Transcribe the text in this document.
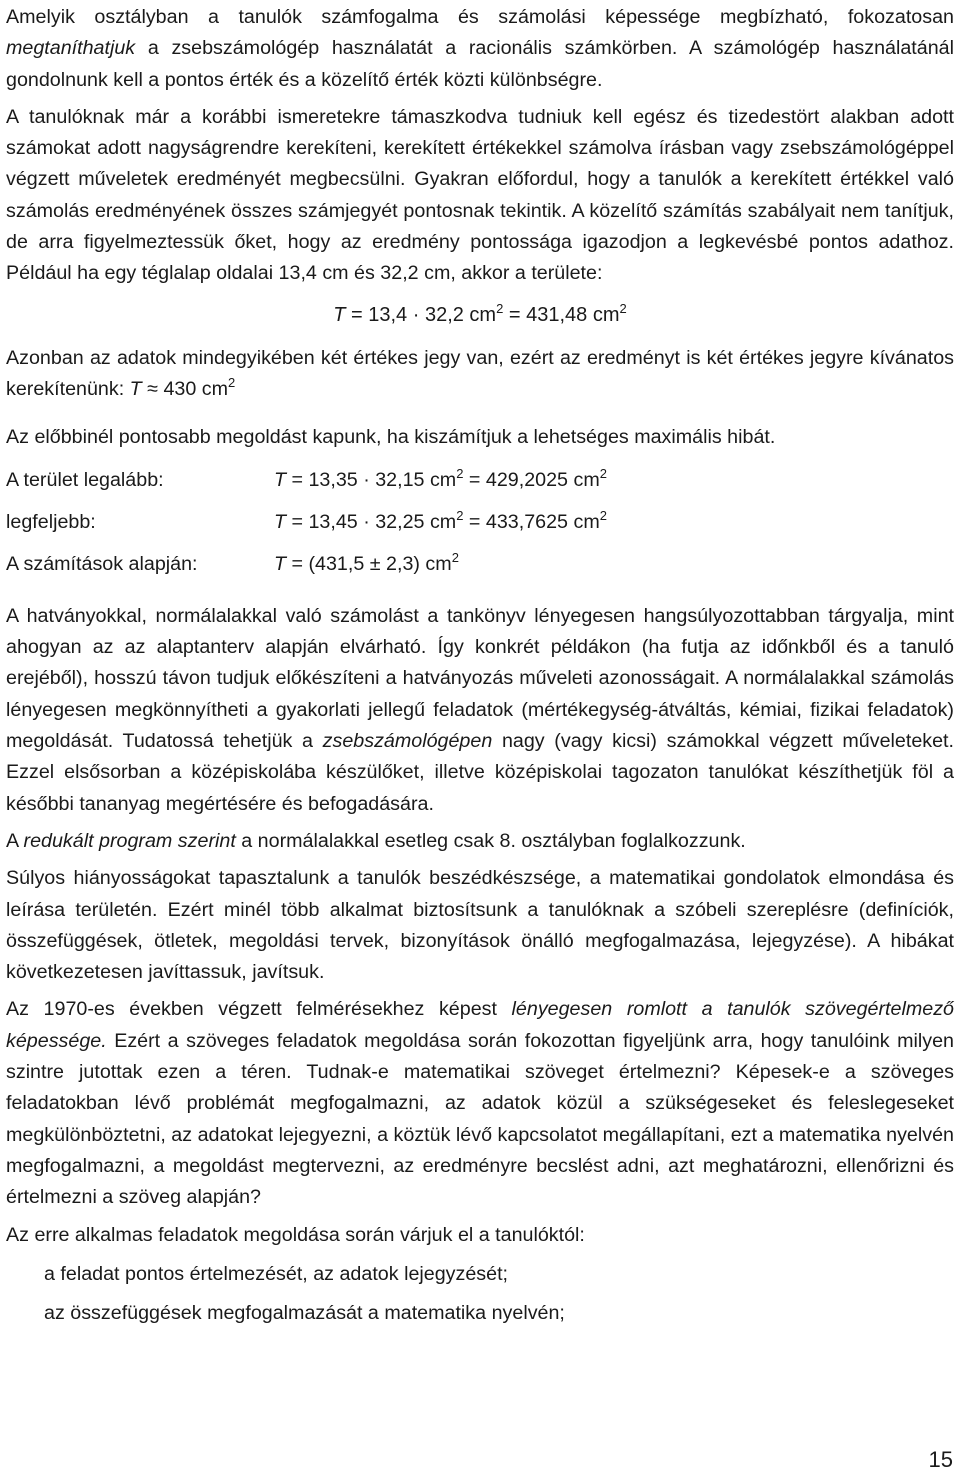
Amelyik osztályban a tanulók számfogalma és számolási képessége megbízható, fokozatosan megtaníthatjuk a zsebszámológép használatát a racionális számkörben. A számológép használatánál gondolnunk kell a pontos érték és a közelítő érték közti különbségre.

A tanulóknak már a korábbi ismeretekre támaszkodva tudniuk kell egész és tizedestört alakban adott számokat adott nagyságrendre kerekíteni, kerekített értékekkel számolva írásban vagy zsebszámológéppel végzett műveletek eredményét megbecsülni. Gyakran előfordul, hogy a tanulók a kerekített értékkel való számolás eredményének összes számjegyét pontosnak tekintik. A közelítő számítás szabályait nem tanítjuk, de arra figyelmeztessük őket, hogy az eredmény pontossága igazodjon a legkevésbé pontos adathoz. Például ha egy téglalap oldalai 13,4 cm és 32,2 cm, akkor a területe:

T = 13,4 · 32,2 $cm^2 = 431,48$ $cm^2$

Azonban az adatok mindegyikében két értékes jegy van, ezért az eredményt is két értékes jegyre kívánatos kerekítenünk: T ≈ 430 $cm^2$

Az előbbinél pontosabb megoldást kapunk, ha kiszámítjuk a lehetséges maximális hibát.

A terület legalább:	T = 13,35 · 32,15 $cm^2 = 429,2025$ $cm^2$
legfeljebb:	T = 13,45 · 32,25 $cm^2 = 433,7625$ $cm^2$
A számítások alapján:	T = (431,5 ± 2,3) $cm^2$

A hatványokkal, normálalakkal való számolást a tankönyv lényegesen hangsúlyozottabban tárgyalja, mint ahogyan az az alaptanterv alapján elvárható. Így konkrét példákon (ha futja az időnkből és a tanuló erejéből), hosszú távon tudjuk előkészíteni a hatványozás műveleti azonosságait. A normálalakkal számolás lényegesen megkönnyítheti a gyakorlati jellegű feladatok (mértékegység-átváltás, kémiai, fizikai feladatok) megoldását. Tudatossá tehetjük a zsebszámológépen nagy (vagy kicsi) számokkal végzett műveleteket. Ezzel elsősorban a középiskolába készülőket, illetve középiskolai tagozaton tanulókat készíthetjük föl a későbbi tananyag megértésére és befogadására.

A redukált program szerint a normálalakkal esetleg csak 8. osztályban foglalkozzunk.

Súlyos hiányosságokat tapasztalunk a tanulók beszédkészsége, a matematikai gondolatok elmondása és leírása területén. Ezért minél több alkalmat biztosítsunk a tanulóknak a szóbeli szereplésre (definíciók, összefüggések, ötletek, megoldási tervek, bizonyítások önálló megfogalmazása, lejegyzése). A hibákat következetesen javíttassuk, javítsuk.

Az 1970-es években végzett felmérésekhez képest lényegesen romlott a tanulók szövegértelmező képessége. Ezért a szöveges feladatok megoldása során fokozottan figyeljünk arra, hogy tanulóink milyen szintre jutottak ezen a téren. Tudnak-e matematikai szöveget értelmezni? Képesek-e a szöveges feladatokban lévő problémát megfogalmazni, az adatok közül a szükségeseket és feleslegeseket megkülönböztetni, az adatokat lejegyezni, a köztük lévő kapcsolatot megállapítani, ezt a matematika nyelvén megfogalmazni, a megoldást megtervezni, az eredményre becslést adni, azt meghatározni, ellenőrizni és értelmezni a szöveg alapján?

Az erre alkalmas feladatok megoldása során várjuk el a tanulóktól:

a feladat pontos értelmezését, az adatok lejegyzését;

az összefüggések megfogalmazását a matematika nyelvén;

15
